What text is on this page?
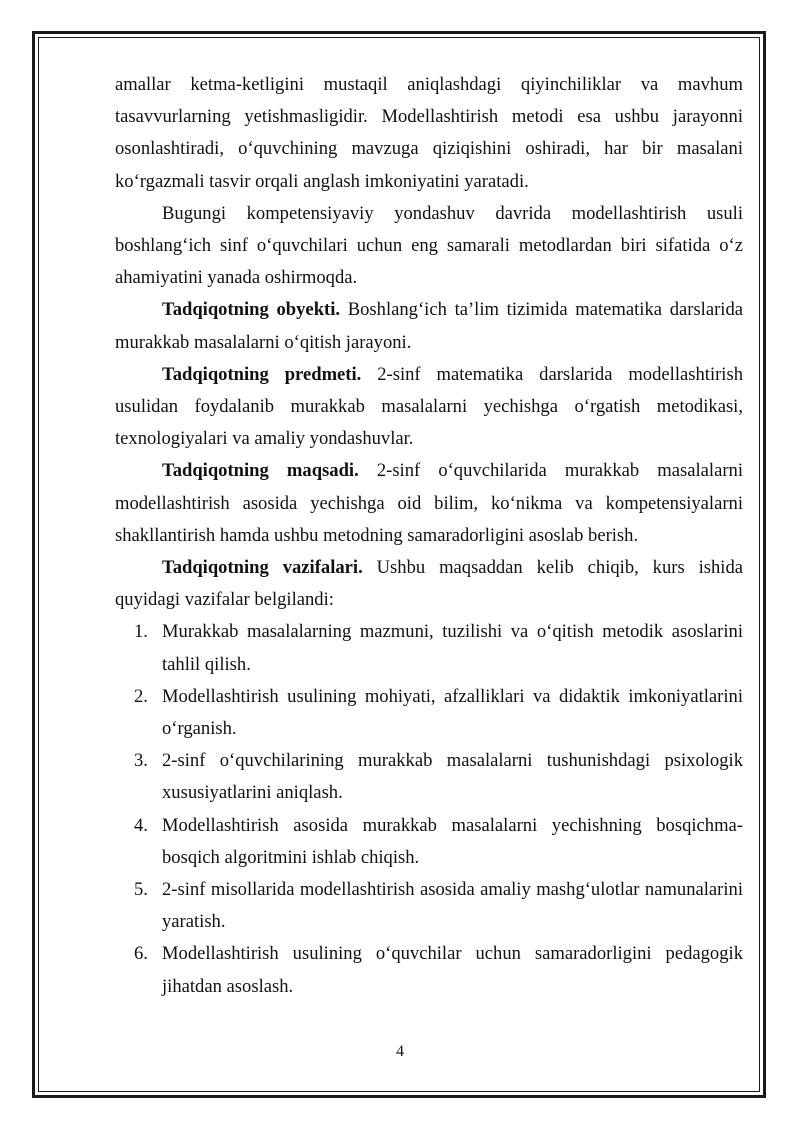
amallar ketma-ketligini mustaqil aniqlashdagi qiyinchiliklar va mavhum tasavvurlarning yetishmasligidir. Modellashtirish metodi esa ushbu jarayonni osonlashtiradi, o‘quvchining mavzuga qiziqishini oshiradi, har bir masalani ko‘rgazmali tasvir orqali anglash imkoniyatini yaratadi.

Bugungi kompetensiyaviy yondashuv davrida modellashtirish usuli boshlang‘ich sinf o‘quvchilari uchun eng samarali metodlardan biri sifatida o‘z ahamiyatini yanada oshirmoqda.

Tadqiqotning obyekti. Boshlang‘ich ta’lim tizimida matematika darslarida murakkab masalalarni o‘qitish jarayoni.

Tadqiqotning predmeti. 2-sinf matematika darslarida modellashtirish usulidan foydalanib murakkab masalalarni yechishga o‘rgatish metodikasi, texnologiyalari va amaliy yondashuvlar.

Tadqiqotning maqsadi. 2-sinf o‘quvchilarida murakkab masalalarni modellashtirish asosida yechishga oid bilim, ko‘nikma va kompetensiyalarni shakllantirish hamda ushbu metodning samaradorligini asoslab berish.

Tadqiqotning vazifalari. Ushbu maqsaddan kelib chiqib, kurs ishida quyidagi vazifalar belgilandi:

1. Murakkab masalalarning mazmuni, tuzilishi va o‘qitish metodik asoslarini tahlil qilish.
2. Modellashtirish usulining mohiyati, afzalliklari va didaktik imkoniyatlarini o‘rganish.
3. 2-sinf o‘quvchilarining murakkab masalalarni tushunishdagi psixologik xususiyatlarini aniqlash.
4. Modellashtirish asosida murakkab masalalarni yechishning bosqichma-bosqich algoritmini ishlab chiqish.
5. 2-sinf misollarida modellashtirish asosida amaliy mashg‘ulotlar namunalarini yaratish.
6. Modellashtirish usulining o‘quvchilar uchun samaradorligini pedagogik jihatdan asoslash.
4
